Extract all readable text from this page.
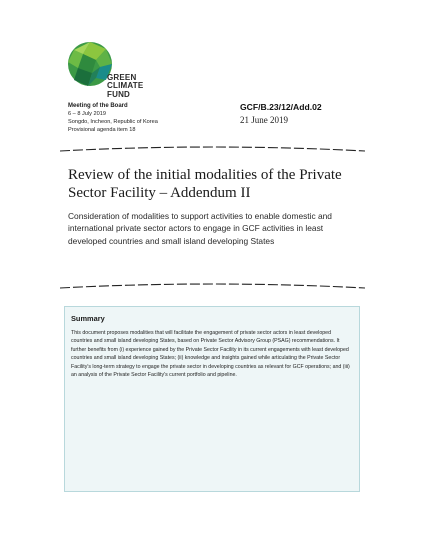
GREEN
CLIMATE
FUND
Meeting of the Board
6 – 8 July 2019
Songdo, Incheon, Republic of Korea
Provisional agenda item 18
GCF/B.23/12/Add.02
21 June 2019
Review of the initial modalities of the Private Sector Facility – Addendum II
Consideration of modalities to support activities to enable domestic and international private sector actors to engage in GCF activities in least developed countries and small island developing States
Summary
This document proposes modalities that will facilitate the engagement of private sector actors in least developed countries and small island developing States, based on Private Sector Advisory Group (PSAG) recommendations. It further benefits from (i) experience gained by the Private Sector Facility in its current engagements with least developed countries and small island developing States; (ii) knowledge and insights gained while articulating the Private Sector Facility's long-term strategy to engage the private sector in developing countries as relevant for GCF operations; and (iii) an analysis of the Private Sector Facility's current portfolio and pipeline.
